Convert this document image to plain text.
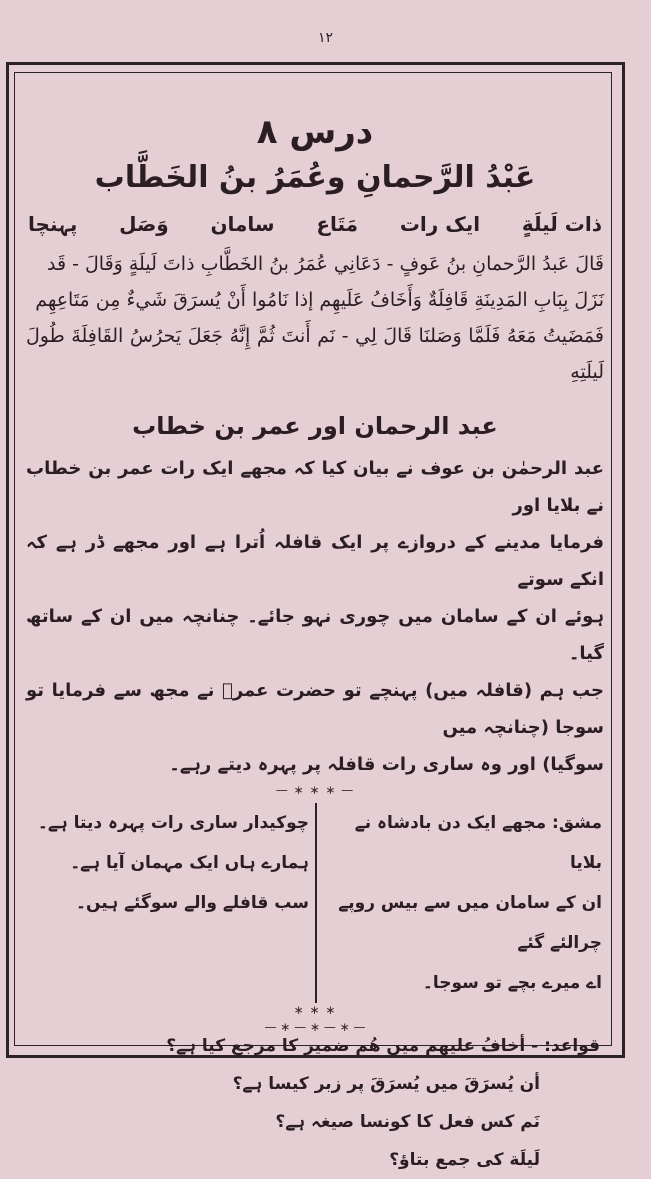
۱۲
درس ۸
عَبْدُ الرَّحمانِ وعُمَرُ بنُ الخَطَّاب
ذات لَيلَةٍ
ایک رات
مَتَاع
سامان
وَصَل
پہنچا
قَالَ عَبدُ الرَّحمانِ بنُ عَوفٍ - دَعَانِي عُمَرُ بنُ الخَطَّابِ ذاتَ لَيلَةٍ وَقَالَ - قَد
نَزَلَ بِبَابِ المَدِينَةِ قَافِلَةٌ وَأَخَافُ عَلَيهِم إذا نَامُوا أَنْ يُسرَقَ شَيءٌ مِن مَتَاعِهِم
فَمَضَيتُ مَعَهُ فَلَمَّا وَصَلنَا قَالَ لِي - نَم أَنتَ ثُمَّ إِنَّهُ جَعَلَ يَحرُسُ القَافِلَةَ طُولَ لَيلَتِهِ
عبد الرحمان اور عمر بن خطاب
عبد الرحمٰن بن عوف نے بیان کیا کہ مجھے ایک رات عمر بن خطاب نے بلایا اور
فرمایا مدینے کے دروازے پر ایک قافلہ اُترا ہے اور مجھے ڈر ہے کہ انکے سوتے
ہوئے ان کے سامان میں چوری نہو جائے۔ چنانچہ میں ان کے ساتھ گیا۔
جب ہم (قافلہ میں) پہنچے تو حضرت عمرؓ نے مجھ سے فرمایا تو سوجا (چنانچہ میں
سوگیا) اور وہ ساری رات قافلہ پر پہرہ دیتے رہے۔
— ∗ ∗ ∗ —
مشق: مجھے ایک دن بادشاہ نے بلایا
ان کے سامان میں سے بیس روپے چرالئے گئے
اے میرے بچے تو سوجا۔
چوکیدار ساری رات پہرہ دیتا ہے۔
ہمارے ہاں ایک مہمان آیا ہے۔
سب قافلے والے سوگئے ہیں۔
∗ ∗ ∗
قواعد: - أخافُ عليهم میں هُم ضمیر کا مرجع کیا ہے؟
أن يُسرَقَ میں يُسرَقَ پر زبر کیسا ہے؟
نَم کس فعل کا کونسا صیغہ ہے؟
لَيلَة کی جمع بتاؤ؟
— ∗ — ∗ — ∗ —
